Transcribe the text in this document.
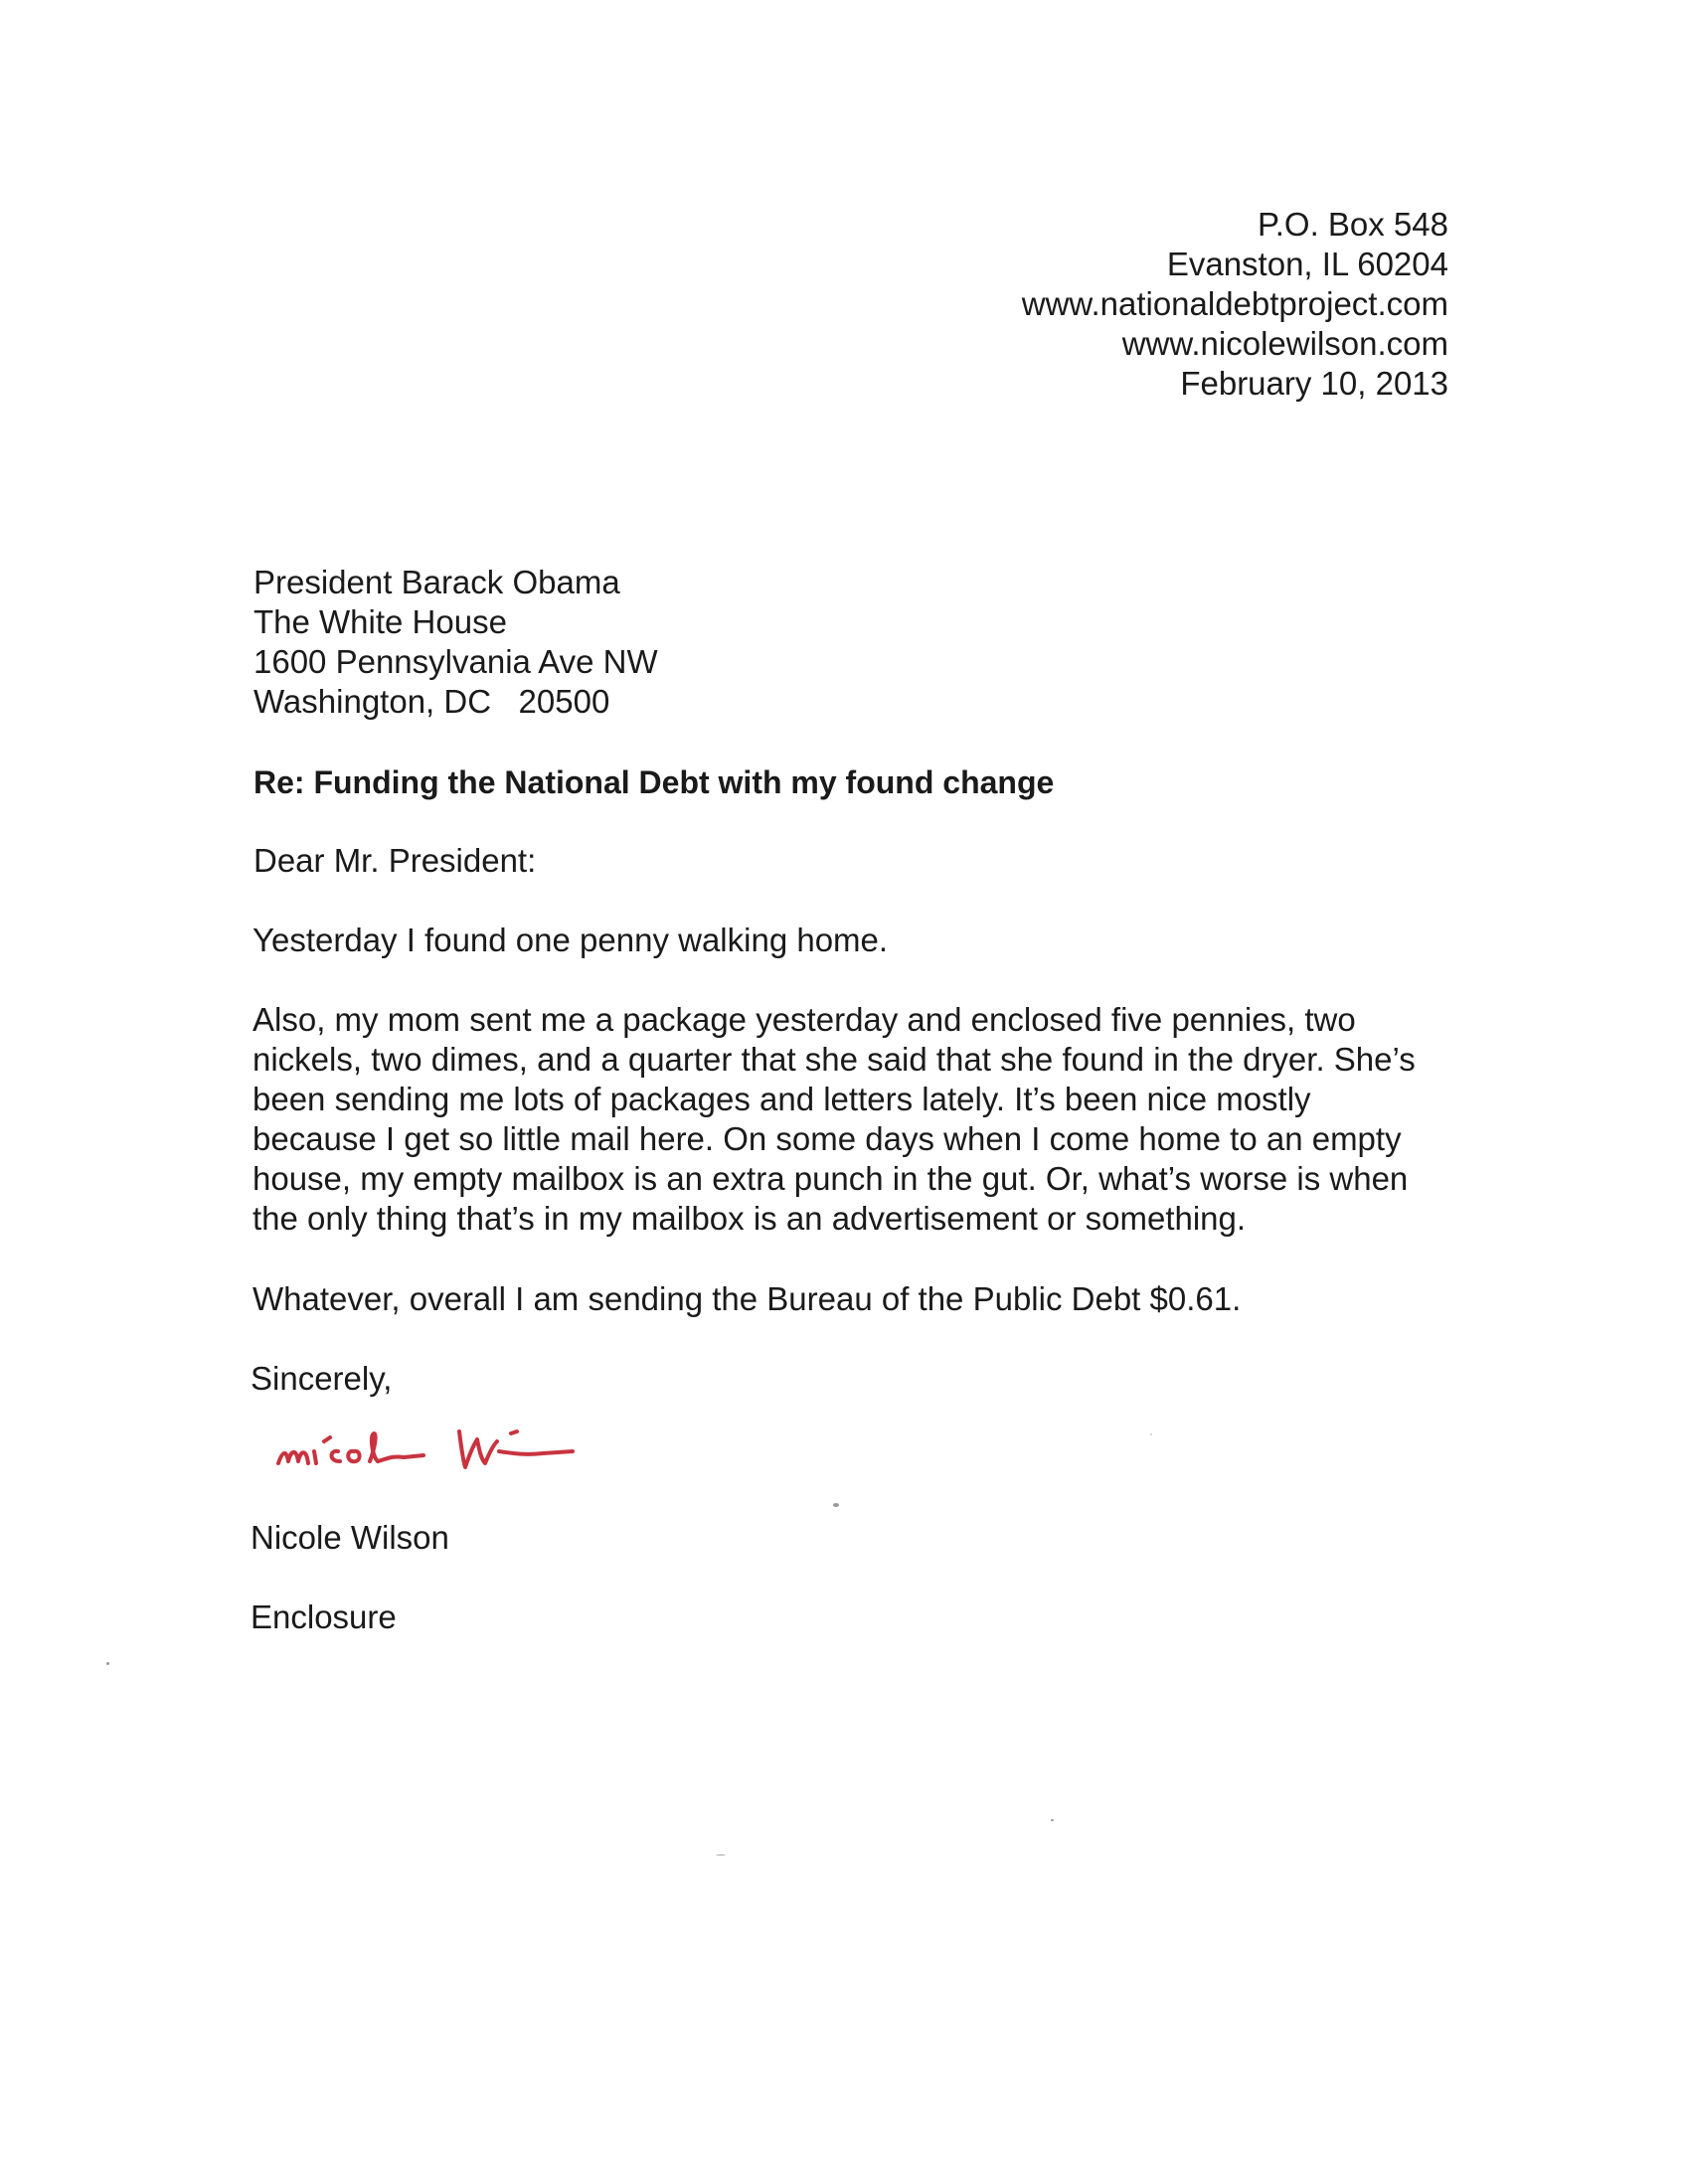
P.O. Box 548
Evanston, IL 60204
www.nationaldebtproject.com
www.nicolewilson.com
February 10, 2013
President Barack Obama
The White House
1600 Pennsylvania Ave NW
Washington, DC   20500
Re: Funding the National Debt with my found change
Dear Mr. President:
Yesterday I found one penny walking home.
Also, my mom sent me a package yesterday and enclosed five pennies, two
nickels, two dimes, and a quarter that she said that she found in the dryer. She’s
been sending me lots of packages and letters lately. It’s been nice mostly
because I get so little mail here. On some days when I come home to an empty
house, my empty mailbox is an extra punch in the gut. Or, what’s worse is when
the only thing that’s in my mailbox is an advertisement or something.
Whatever, overall I am sending the Bureau of the Public Debt $0.61.
Sincerely,
Nicole Wilson
Enclosure
